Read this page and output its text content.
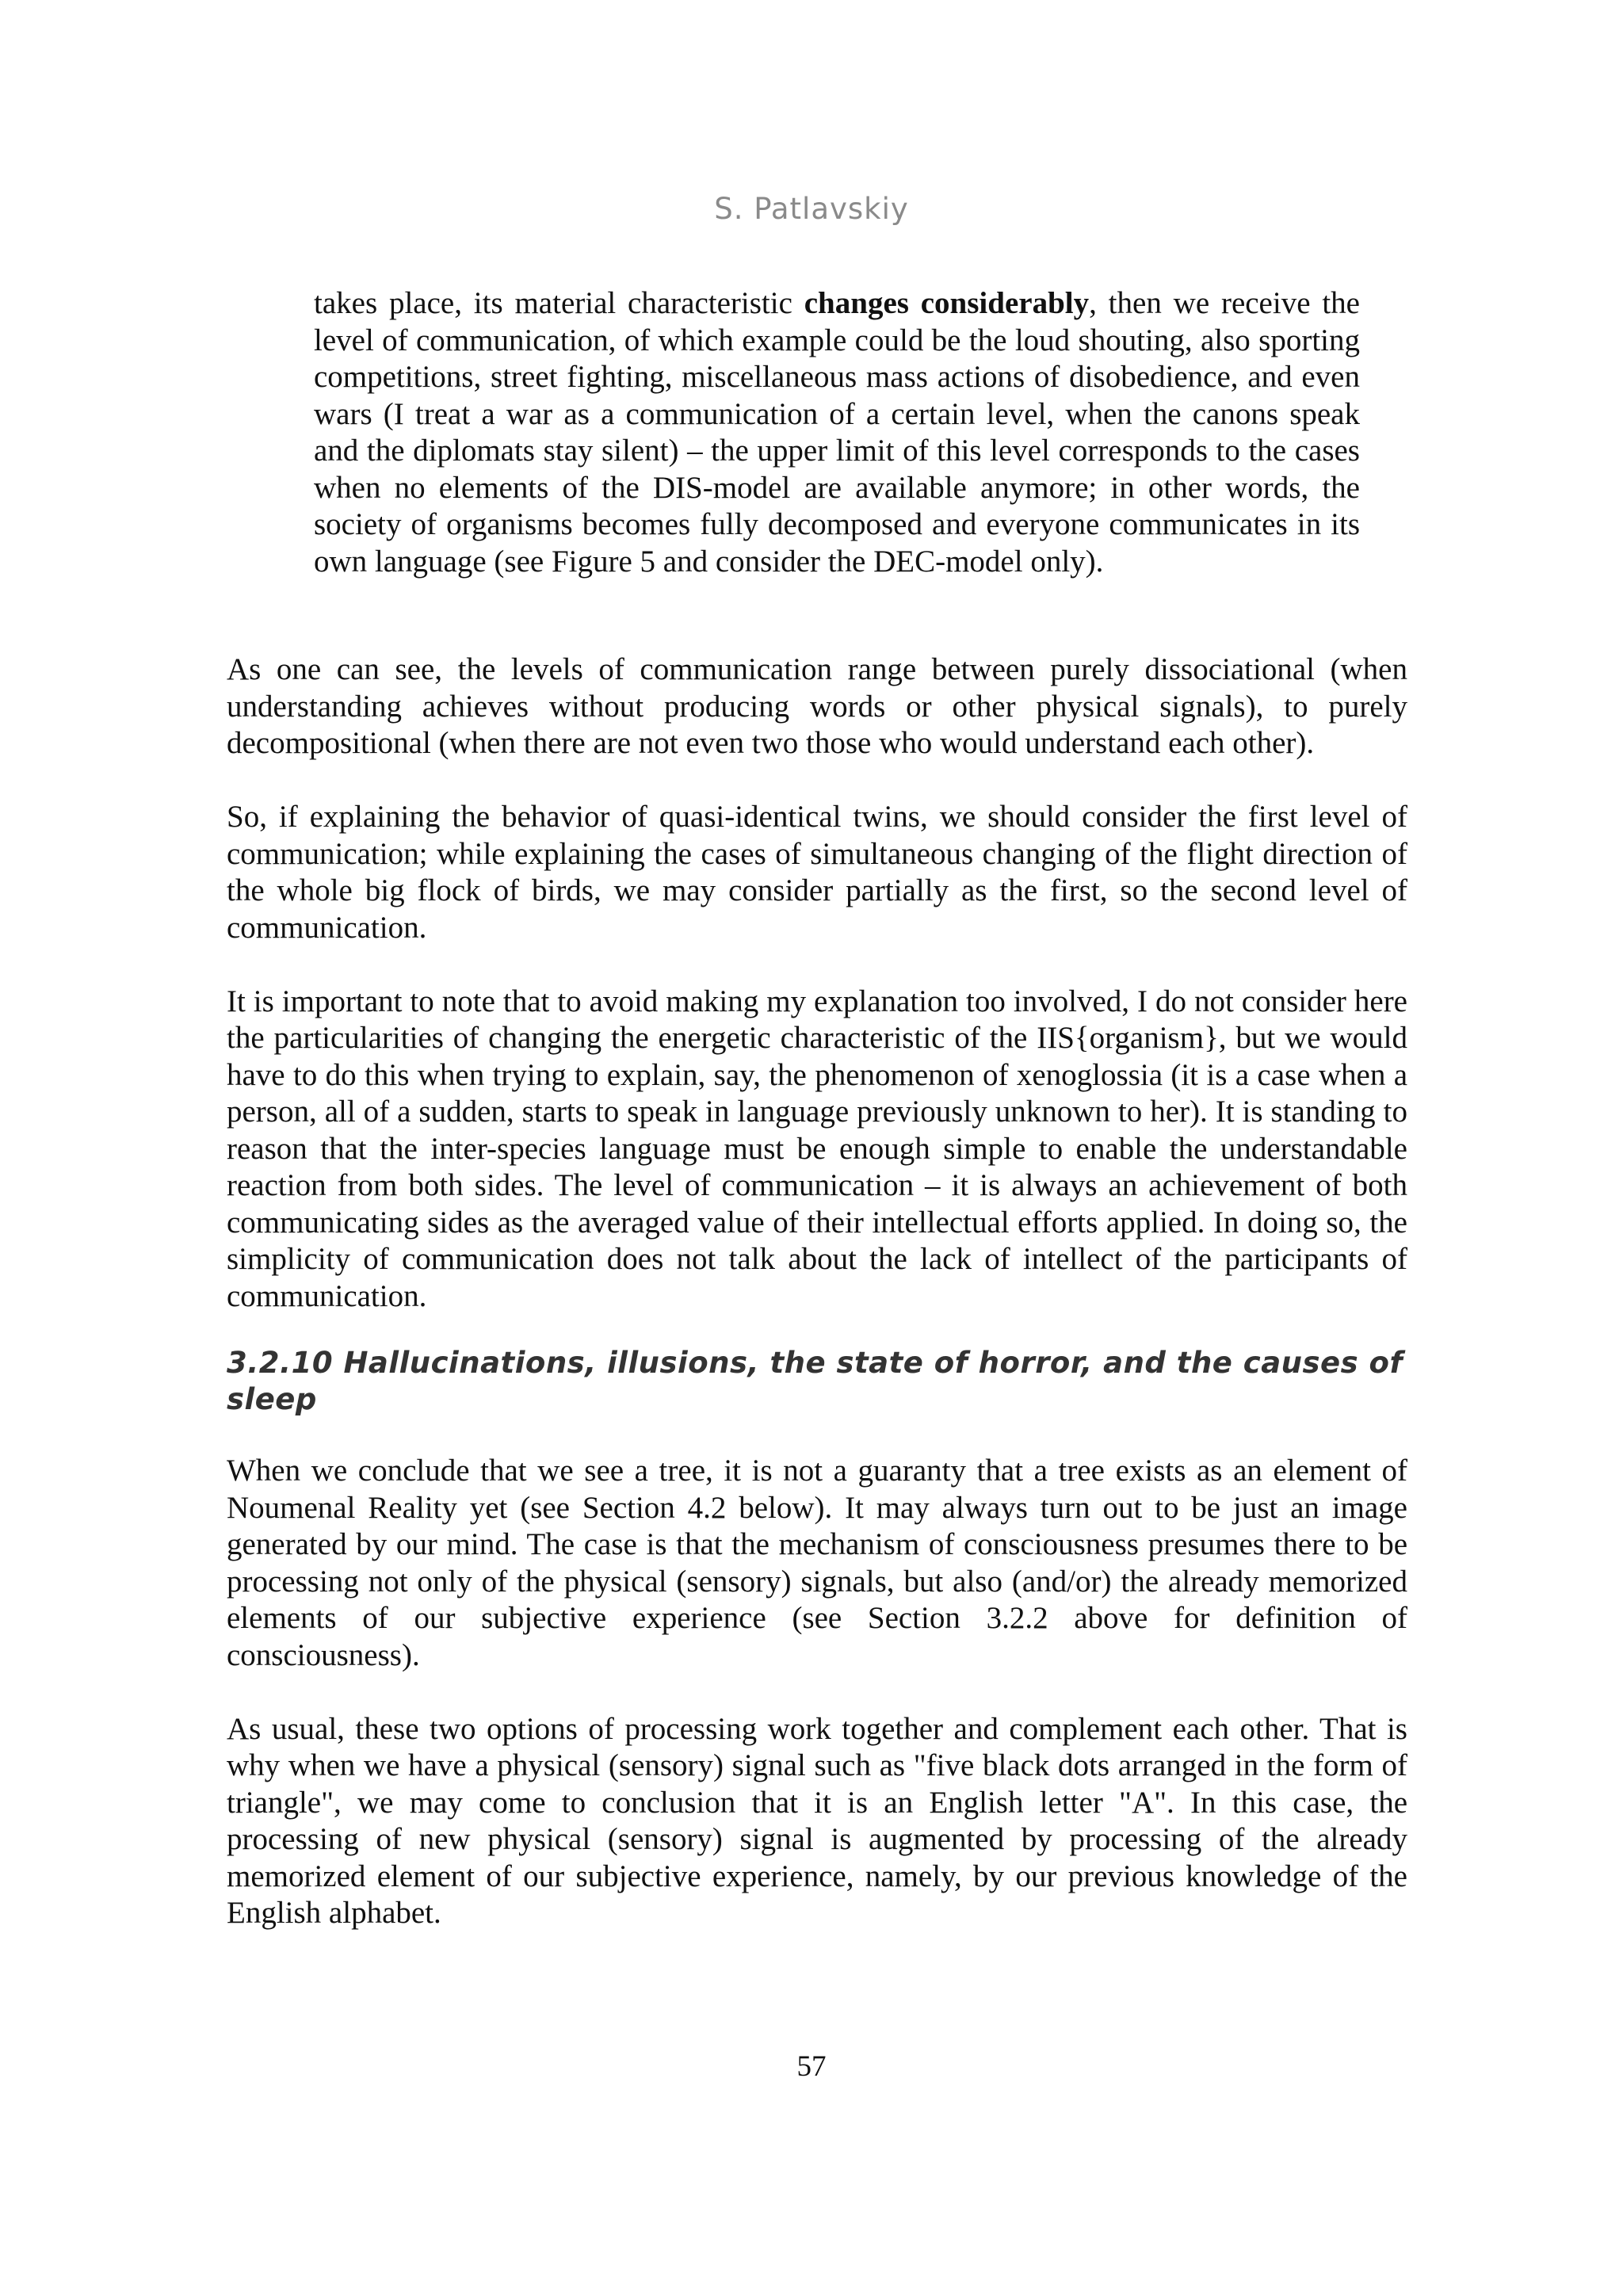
S. Patlavskiy

takes place, its material characteristic changes considerably, then we receive the level of communication, of which example could be the loud shouting, also sporting competitions, street fighting, miscellaneous mass actions of disobedience, and even wars (I treat a war as a communication of a certain level, when the canons speak and the diplomats stay silent) – the upper limit of this level corresponds to the cases when no elements of the DIS-model are available anymore; in other words, the society of organisms becomes fully decomposed and everyone communicates in its own language (see Figure 5 and consider the DEC-model only).

As one can see, the levels of communication range between purely dissociational (when understanding achieves without producing words or other physical signals), to purely decompositional (when there are not even two those who would understand each other).

So, if explaining the behavior of quasi-identical twins, we should consider the first level of communication; while explaining the cases of simultaneous changing of the flight direction of the whole big flock of birds, we may consider partially as the first, so the second level of communication.

It is important to note that to avoid making my explanation too involved, I do not consider here the particularities of changing the energetic characteristic of the IIS{organism}, but we would have to do this when trying to explain, say, the phenomenon of xenoglossia (it is a case when a person, all of a sudden, starts to speak in language previously unknown to her). It is standing to reason that the inter-species language must be enough simple to enable the understandable reaction from both sides. The level of communication – it is always an achievement of both communicating sides as the averaged value of their intellectual efforts applied. In doing so, the simplicity of communication does not talk about the lack of intellect of the participants of communication.

3.2.10 Hallucinations, illusions, the state of horror, and the causes of sleep

When we conclude that we see a tree, it is not a guaranty that a tree exists as an element of Noumenal Reality yet (see Section 4.2 below). It may always turn out to be just an image generated by our mind. The case is that the mechanism of consciousness presumes there to be processing not only of the physical (sensory) signals, but also (and/or) the already memorized elements of our subjective experience (see Section 3.2.2 above for definition of consciousness).

As usual, these two options of processing work together and complement each other. That is why when we have a physical (sensory) signal such as "five black dots arranged in the form of triangle", we may come to conclusion that it is an English letter "A". In this case, the processing of new physical (sensory) signal is augmented by processing of the already memorized element of our subjective experience, namely, by our previous knowledge of the English alphabet.

57
